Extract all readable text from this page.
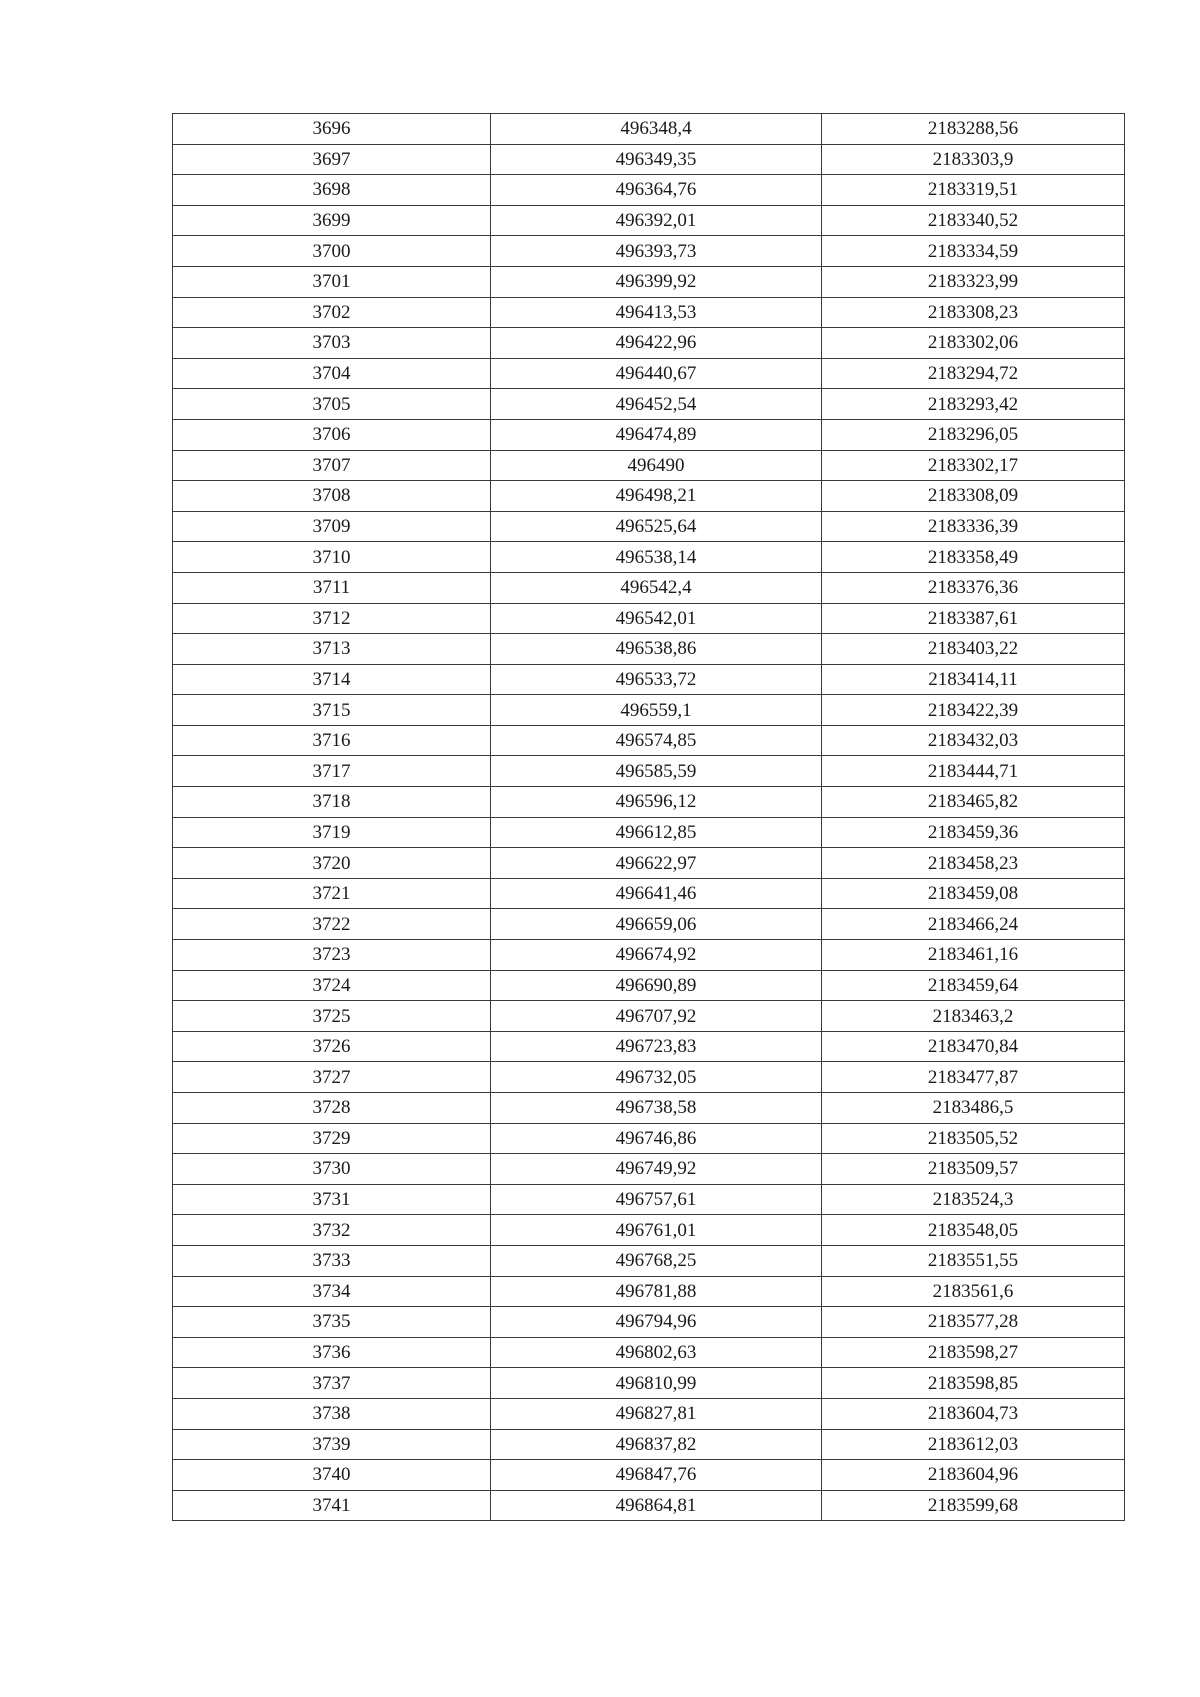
3696	496348,4	2183288,56
3697	496349,35	2183303,9
3698	496364,76	2183319,51
3699	496392,01	2183340,52
3700	496393,73	2183334,59
3701	496399,92	2183323,99
3702	496413,53	2183308,23
3703	496422,96	2183302,06
3704	496440,67	2183294,72
3705	496452,54	2183293,42
3706	496474,89	2183296,05
3707	496490	2183302,17
3708	496498,21	2183308,09
3709	496525,64	2183336,39
3710	496538,14	2183358,49
3711	496542,4	2183376,36
3712	496542,01	2183387,61
3713	496538,86	2183403,22
3714	496533,72	2183414,11
3715	496559,1	2183422,39
3716	496574,85	2183432,03
3717	496585,59	2183444,71
3718	496596,12	2183465,82
3719	496612,85	2183459,36
3720	496622,97	2183458,23
3721	496641,46	2183459,08
3722	496659,06	2183466,24
3723	496674,92	2183461,16
3724	496690,89	2183459,64
3725	496707,92	2183463,2
3726	496723,83	2183470,84
3727	496732,05	2183477,87
3728	496738,58	2183486,5
3729	496746,86	2183505,52
3730	496749,92	2183509,57
3731	496757,61	2183524,3
3732	496761,01	2183548,05
3733	496768,25	2183551,55
3734	496781,88	2183561,6
3735	496794,96	2183577,28
3736	496802,63	2183598,27
3737	496810,99	2183598,85
3738	496827,81	2183604,73
3739	496837,82	2183612,03
3740	496847,76	2183604,96
3741	496864,81	2183599,68
